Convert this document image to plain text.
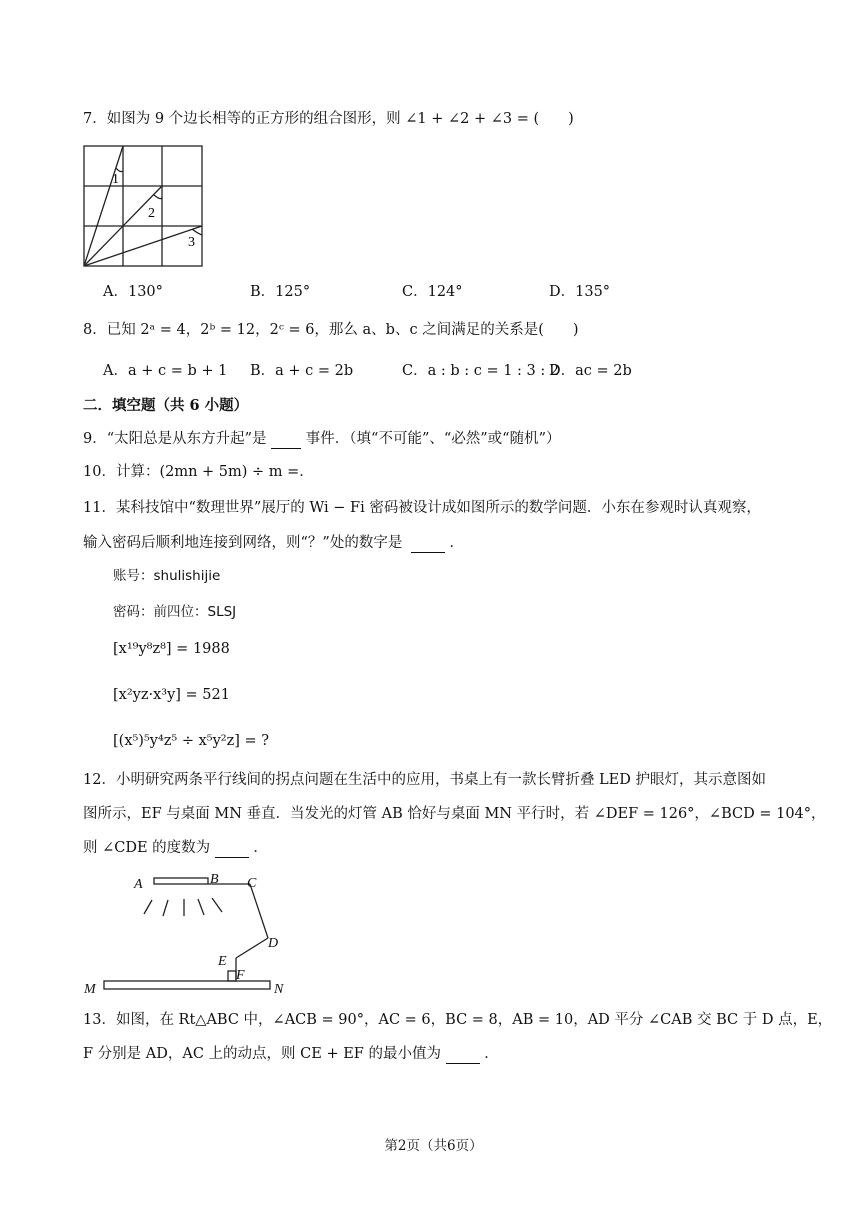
7．如图为 9 个边长相等的正方形的组合图形，则 ∠1 + ∠2 + ∠3 = (　　)
1
2
3
A．130°	B．125°	C．124°	D．135°
8．已知 2ᵃ = 4，2ᵇ = 12，2ᶜ = 6，那么 a、b、c 之间满足的关系是(　　)
A．a + c = b + 1 B．a + c = 2b	C．a : b : c = 1 : 3 : 2
D．ac = 2b
二．填空题（共 6 小题）
9．“太阳总是从东方升起”是	事件．（填“不可能”、“必然”或“随机”）
10．计算：(2mn + 5m) ÷ m =．
11．某科技馆中“数理世界”展厅的 Wi − Fi 密码被设计成如图所示的数学问题．小东在参观时认真观察，
输入密码后顺利地连接到网络，则“？”处的数字是	．
账号：shulishijie
密码：前四位：SLSJ
[x¹⁹y⁸z⁸] = 1988
[x²yz·x³y] = 521
[(x⁵)⁵y⁴z⁵ ÷ x⁵y²z] = ?
12．小明研究两条平行线间的拐点问题在生活中的应用，书桌上有一款长臂折叠 LED 护眼灯，其示意图如
图所示，EF 与桌面 MN 垂直．当发光的灯管 AB 恰好与桌面 MN 平行时，若 ∠DEF = 126°，∠BCD = 104°，
则 ∠CDE 的度数为	．
A	B C
D
E
F
M	N
13．如图，在 Rt△ABC 中，∠ACB = 90°，AC = 6，BC = 8，AB = 10，AD 平分 ∠CAB 交 BC 于 D 点，E，
F 分别是 AD，AC 上的动点，则 CE + EF 的最小值为	．
第2页（共6页）
